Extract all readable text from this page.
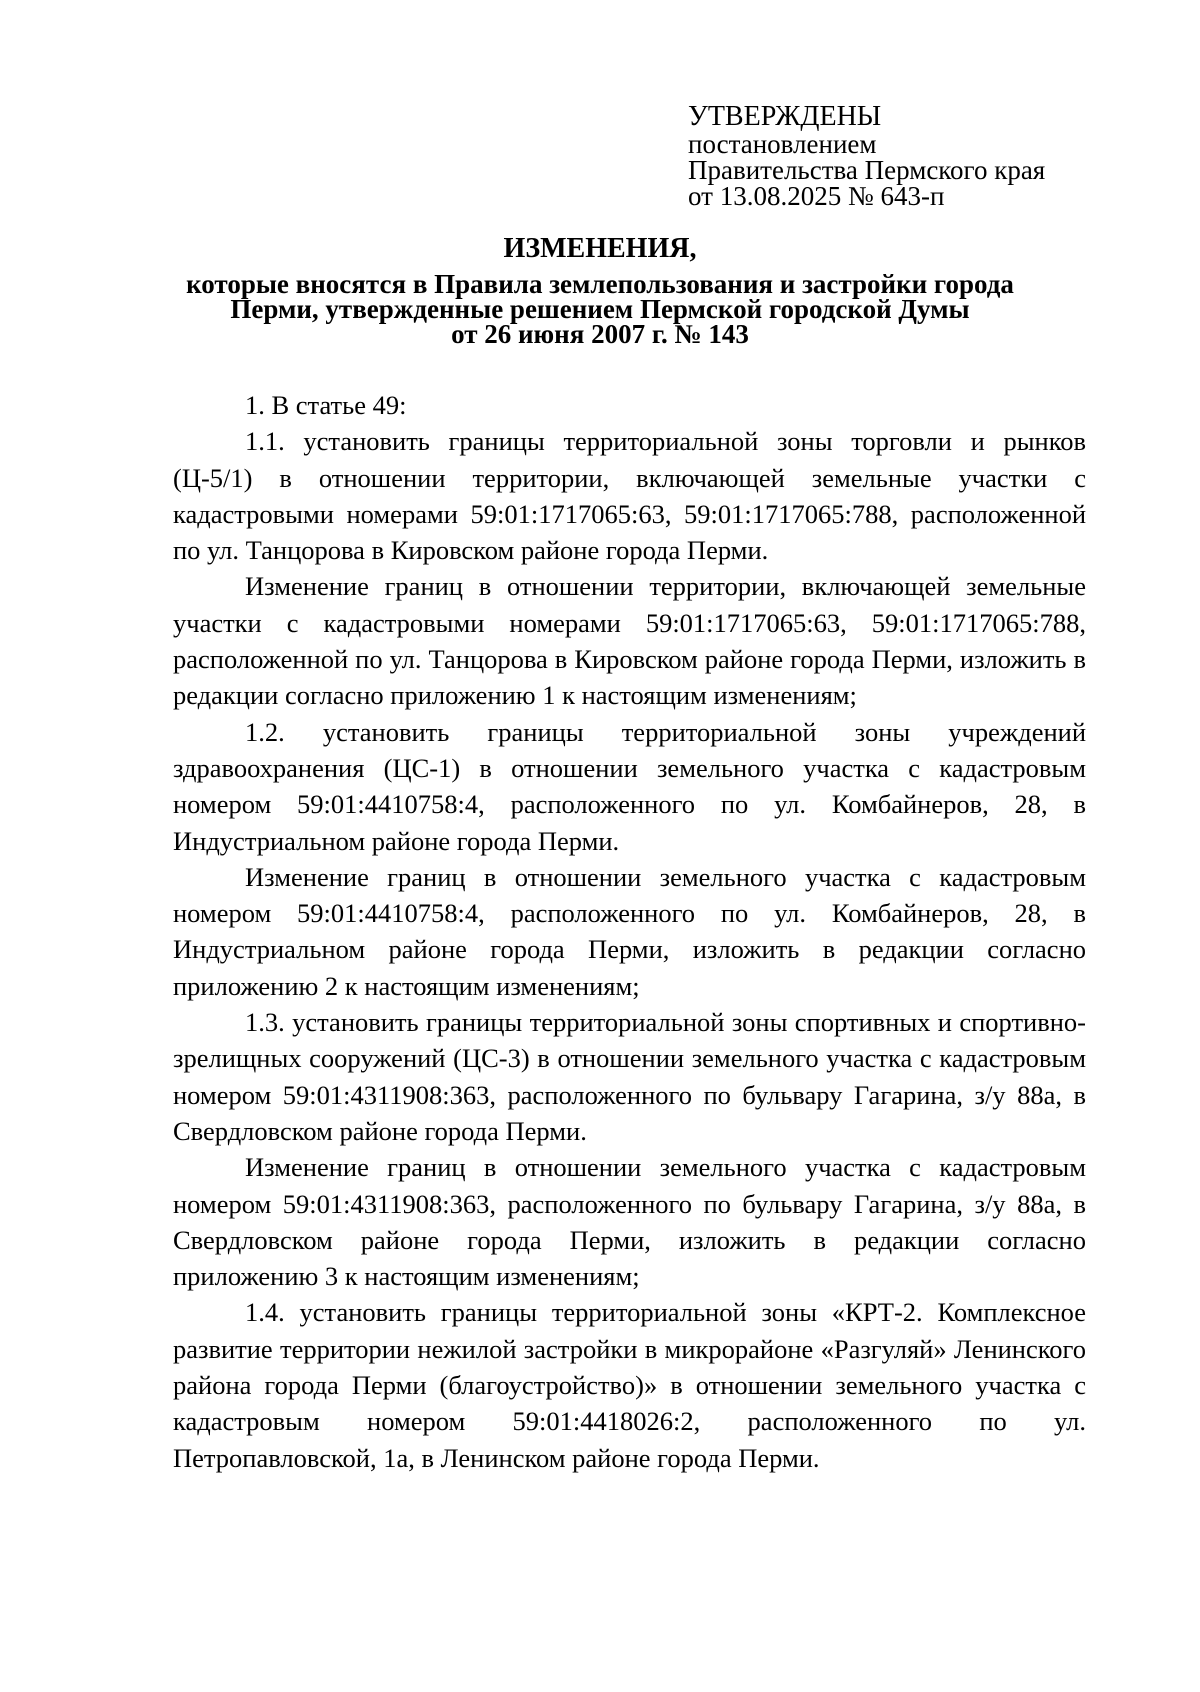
УТВЕРЖДЕНЫ
постановлением
Правительства Пермского края
от 13.08.2025 № 643-п
ИЗМЕНЕНИЯ,
которые вносятся в Правила землепользования и застройки города
Перми, утвержденные решением Пермской городской Думы
от 26 июня 2007 г. № 143

1. В статье 49:

1.1. установить границы территориальной зоны торговли и рынков (Ц-5/1) в отношении территории, включающей земельные участки с кадастровыми номерами 59:01:1717065:63, 59:01:1717065:788, расположенной по ул. Танцорова в Кировском районе города Перми.

Изменение границ в отношении территории, включающей земельные участки с кадастровыми номерами 59:01:1717065:63, 59:01:1717065:788, расположенной по ул. Танцорова в Кировском районе города Перми, изложить в редакции согласно приложению 1 к настоящим изменениям;

1.2. установить границы территориальной зоны учреждений здравоохранения (ЦС-1) в отношении земельного участка с кадастровым номером 59:01:4410758:4, расположенного по ул. Комбайнеров, 28, в Индустриальном районе города Перми.

Изменение границ в отношении земельного участка с кадастровым номером 59:01:4410758:4, расположенного по ул. Комбайнеров, 28, в Индустриальном районе города Перми, изложить в редакции согласно приложению 2 к настоящим изменениям;

1.3. установить границы территориальной зоны спортивных и спортивно-зрелищных сооружений (ЦС-3) в отношении земельного участка с кадастровым номером 59:01:4311908:363, расположенного по бульвару Гагарина, з/у 88а, в Свердловском районе города Перми.

Изменение границ в отношении земельного участка с кадастровым номером 59:01:4311908:363, расположенного по бульвару Гагарина, з/у 88а, в Свердловском районе города Перми, изложить в редакции согласно приложению 3 к настоящим изменениям;

1.4. установить границы территориальной зоны «КРТ-2. Комплексное развитие территории нежилой застройки в микрорайоне «Разгуляй» Ленинского района города Перми (благоустройство)» в отношении земельного участка с кадастровым номером 59:01:4418026:2, расположенного по ул. Петропавловской, 1а, в Ленинском районе города Перми.
